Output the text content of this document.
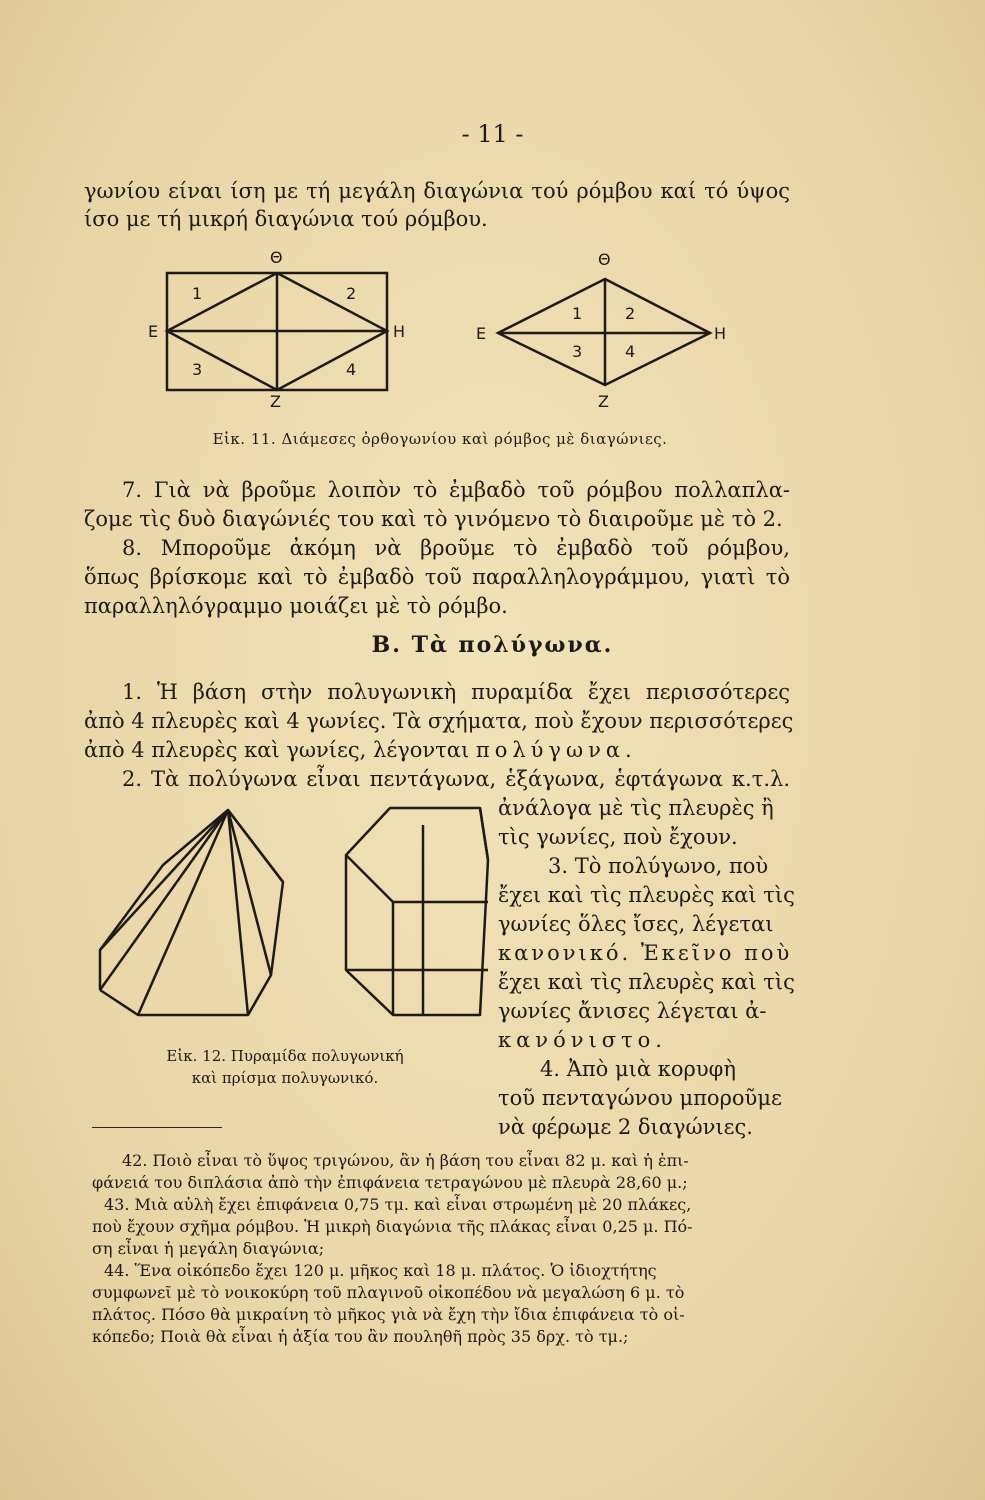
- 11 -
γωνίου είναι ίση με τή μεγάλη διαγώνια τού ρόμβου καί τό ύψος
ίσο με τή μικρή διαγώνια τού ρόμβου.
Θ
Ε	Η
Ζ
1	2
3	4
Θ
Ε	Η
Ζ
1	2
3	4
Εἰκ. 11. Διάμεσες ὀρθογωνίου καὶ ρόμβος μὲ διαγώνιες.
7. Γιὰ νὰ βροῦμε λοιπὸν τὸ ἐμβαδὸ τοῦ ρόμβου πολλαπλα-
ζομε τὶς δυὸ διαγώνιές του καὶ τὸ γινόμενο τὸ διαιροῦμε μὲ τὸ 2.
8. Μποροῦμε ἀκόμη νὰ βροῦμε τὸ ἐμβαδὸ τοῦ ρόμβου,
ὅπως βρίσκομε καὶ τὸ ἐμβαδὸ τοῦ παραλληλογράμμου, γιατὶ τὸ
παραλληλόγραμμο μοιάζει μὲ τὸ ρόμβο.
Β. Τὰ πολύγωνα.
1. Ἡ βάση στὴν πολυγωνικὴ πυραμίδα ἔχει περισσότερες
ἀπὸ 4 πλευρὲς καὶ 4 γωνίες. Τὰ σχήματα, ποὺ ἔχουν περισσότερες
ἀπὸ 4 πλευρὲς καὶ γωνίες, λέγονται πολύγωνα.
2. Τὰ πολύγωνα εἶναι πεντάγωνα, ἑξάγωνα, ἑφτάγωνα κ.τ.λ.
Εἰκ. 12. Πυραμίδα πολυγωνική
καὶ πρίσμα πολυγωνικό.
ἀνάλογα μὲ τὶς πλευρὲς ἢ
τὶς γωνίες, ποὺ ἔχουν.
3. Τὸ πολύγωνο, ποὺ
ἔχει καὶ τὶς πλευρὲς καὶ τὶς
γωνίες ὅλες ἴσες, λέγεται
κανονικό. Ἐκεῖνο ποὺ
ἔχει καὶ τὶς πλευρὲς καὶ τὶς
γωνίες ἄνισες λέγεται ἀ-
κανόνιστο.
4. Ἀπὸ μιὰ κορυφὴ
τοῦ πενταγώνου μποροῦμε
νὰ φέρωμε 2 διαγώνιες.
42. Ποιὸ εἶναι τὸ ὕψος τριγώνου, ἂν ἡ βάση του εἶναι 82 μ. καὶ ἡ ἐπι-
φάνειά του διπλάσια ἀπὸ τὴν ἐπιφάνεια τετραγώνου μὲ πλευρὰ 28,60 μ.;
43. Μιὰ αὐλὴ ἔχει ἐπιφάνεια 0,75 τμ. καὶ εἶναι στρωμένη μὲ 20 πλάκες,
ποὺ ἔχουν σχῆμα ρόμβου. Ἡ μικρὴ διαγώνια τῆς πλάκας εἶναι 0,25 μ. Πό-
ση εἶναι ἡ μεγάλη διαγώνια;
44. Ἕνα οἰκόπεδο ἔχει 120 μ. μῆκος καὶ 18 μ. πλάτος. Ὁ ἰδιοχτήτης
συμφωνεῖ μὲ τὸ νοικοκύρη τοῦ πλαγινοῦ οἰκοπέδου νὰ μεγαλώση 6 μ. τὸ
πλάτος. Πόσο θὰ μικραίνη τὸ μῆκος γιὰ νὰ ἔχη τὴν ἴδια ἐπιφάνεια τὸ οἰ-
κόπεδο; Ποιὰ θὰ εἶναι ἡ ἀξία του ἂν πουληθῆ πρὸς 35 δρχ. τὸ τμ.;
